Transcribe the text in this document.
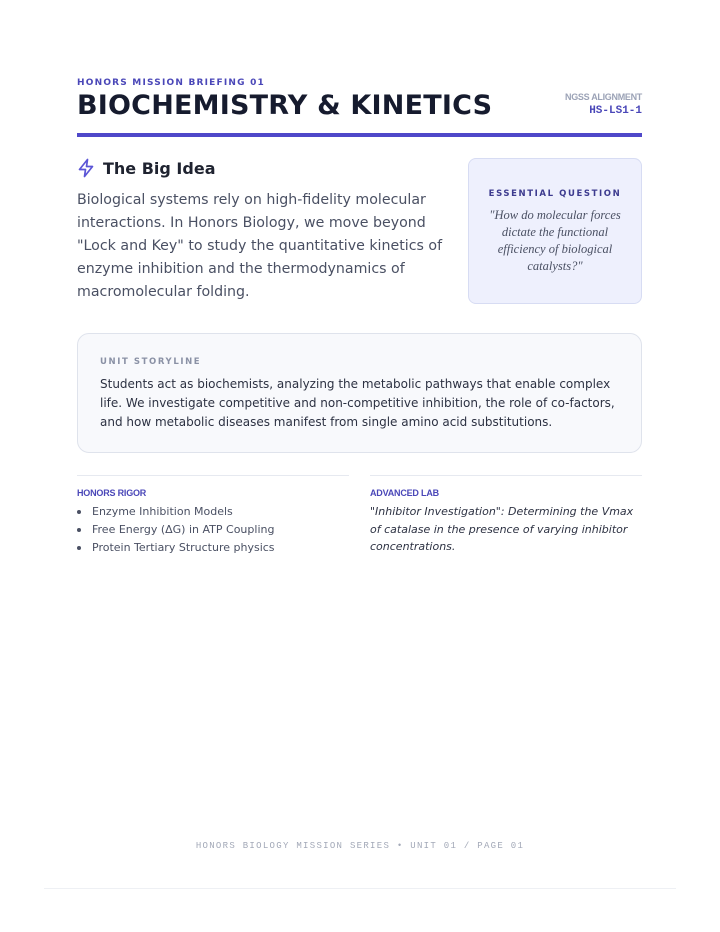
HONORS MISSION BRIEFING 01
BIOCHEMISTRY & KINETICS	NGSS ALIGNMENT
HS-LS1-1
The Big Idea
Biological systems rely on high-fidelity molecular interactions. In Honors Biology, we move beyond "Lock and Key" to study the quantitative kinetics of enzyme inhibition and the thermodynamics of macromolecular folding.
ESSENTIAL QUESTION
"How do molecular forces dictate the functional efficiency of biological catalysts?"
UNIT STORYLINE
Students act as biochemists, analyzing the metabolic pathways that enable complex life. We investigate competitive and non-competitive inhibition, the role of co-factors, and how metabolic diseases manifest from single amino acid substitutions.
HONORS RIGOR
Enzyme Inhibition Models
Free Energy (ΔG) in ATP Coupling
Protein Tertiary Structure physics
ADVANCED LAB
"Inhibitor Investigation": Determining the Vmax of catalase in the presence of varying inhibitor concentrations.
HONORS BIOLOGY MISSION SERIES • UNIT 01 / PAGE 01
